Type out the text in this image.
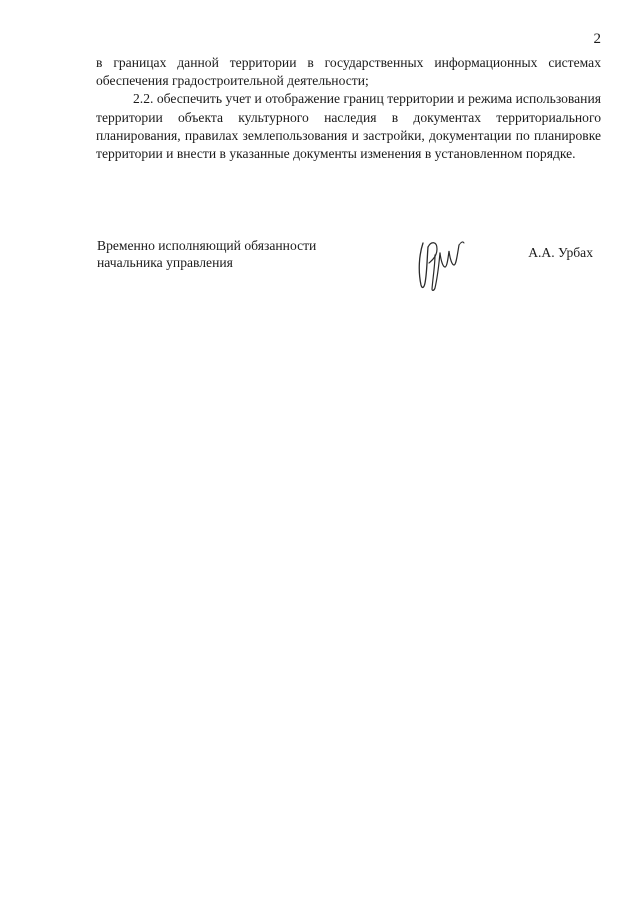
2

в границах данной территории в государственных информационных системах обеспечения градостроительной деятельности;

2.2. обеспечить учет и отображение границ территории и режима использования территории объекта культурного наследия в документах территориального планирования, правилах землепользования и застройки, документации по планировке территории и внести в указанные документы изменения в установленном порядке.

Временно исполняющий обязанности
начальника управления
А.А. Урбах
